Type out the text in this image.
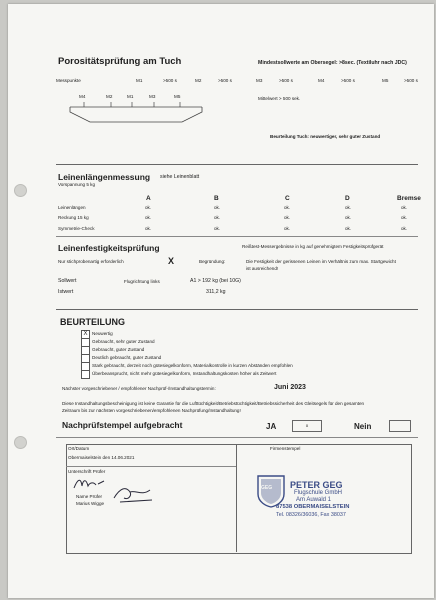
Porositätsprüfung am Tuch	Mindestsollwerte am Obersegel: >8sec. (Textiluhr nach JDC)
Messpunkte	M1	>500 s	M2	>500 s	M3	>500 s	M4	>500 s	M5	>500 s
M4	M2	M1	M3	M5	Mittelwert > 500 sek.
Beurteilung Tuch: neuwertiger, sehr guter Zustand
Leinenlängenmessung siehe Leinenblatt
Vorspannung 5 kg
A	B	C	D	Bremse
Leinenlängen	ok.	ok.	ok.	ok.	ok.
Reckung 15 kg	ok.	ok.	ok.	ok.	ok.
Symmetrie-Check	ok.	ok.	ok.	ok.	ok.
Leinenfestigkeitsprüfung	Reißtest-Messergebnisse in kg auf genehmigtem Festigkeitsprüfgerät
Nur stichprobenartig erforderlich	X	Begründung:	Die Festigkeit der gerissenen Leinen im Verhältnis zum max. Startgewicht
ist ausreichend!
Sollwert	Flugrichtung links	A1 > 192 kg (bei 10G)
Istwert	311,2 kg
BEURTEILUNG
X Neuwertig
Gebraucht, sehr guter Zustand
Gebraucht, guter Zustand
Deutlich gebraucht, guter Zustand
Stark gebraucht, derzeit noch gütesiegelkonform, Materialkontrolle in kurzen Abständen empfohlen
Überbeansprucht, nicht mehr gütesiegelkonform, Instandhaltungskosten höher als Zeitwert
Nächster vorgeschriebener / empfohlener Nachprüf-/Instandhaltungstermin:	Juni 2023
Diese Instandhaltungsbescheinigung ist keine Garantie für die Lufttüchtigkeit/Betriebstüchtigkeit/Betriebssicherheit des Gleitsegels für den gesamten
Zeitraum bis zur nächsten vorgeschriebenen/empfohlenen Nachprüfung/Instandhaltung!
Nachprüfstempel aufgebracht	JA	x	Nein
Ort/Datum
Obermaiselstein den 14.06.2021
Firmenstempel
Unterschrift Prüfer
Name Prüfer
Marius Wigge
GEG PETER GEG
Flugschule GmbH
Am Auwald 1
87538 OBERMAISELSTEIN
Tel. 08326/36036, Fax 38037
